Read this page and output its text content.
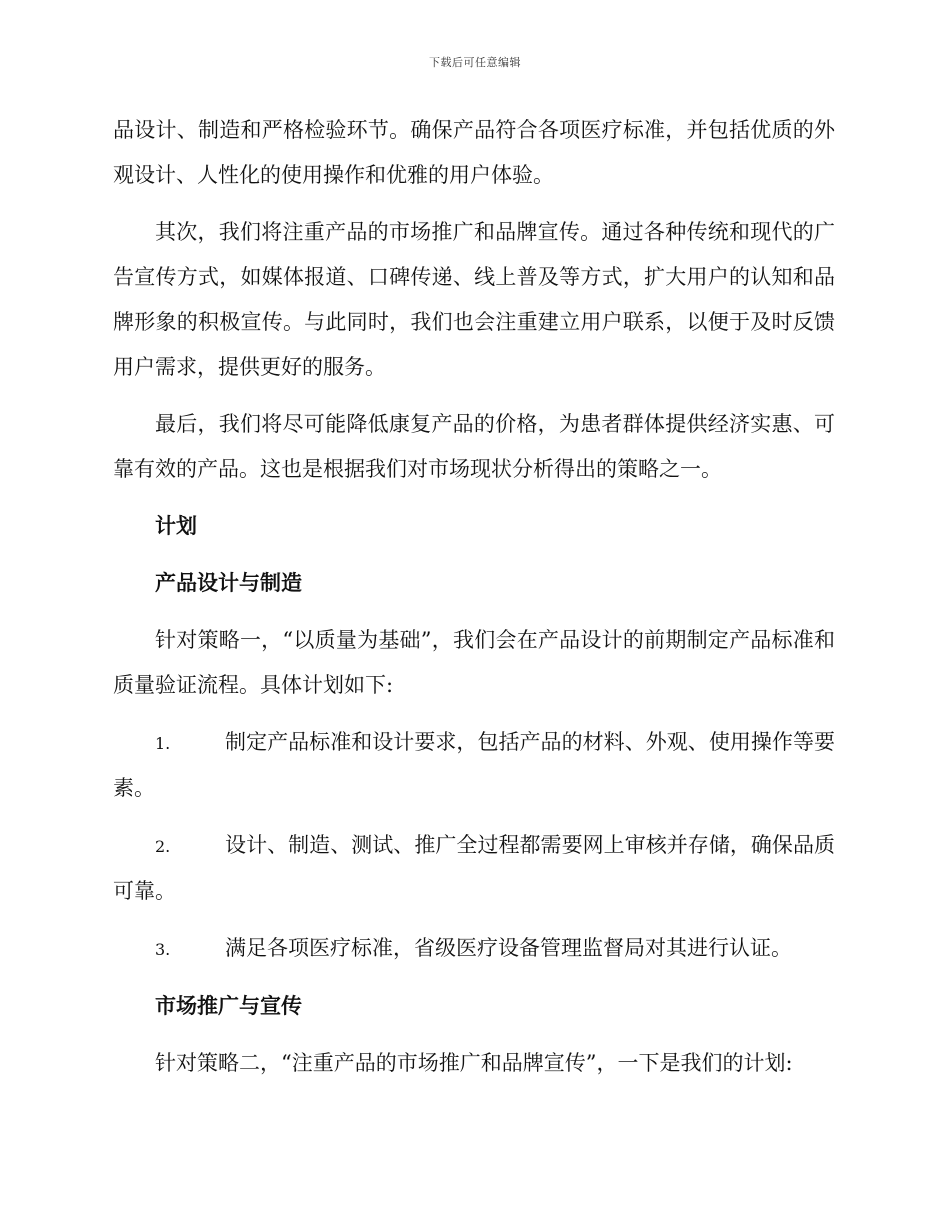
下载后可任意编辑

品设计、制造和严格检验环节。确保产品符合各项医疗标准，并包括优质的外观设计、人性化的使用操作和优雅的用户体验。

其次，我们将注重产品的市场推广和品牌宣传。通过各种传统和现代的广告宣传方式，如媒体报道、口碑传递、线上普及等方式，扩大用户的认知和品牌形象的积极宣传。与此同时，我们也会注重建立用户联系，以便于及时反馈用户需求，提供更好的服务。

最后，我们将尽可能降低康复产品的价格，为患者群体提供经济实惠、可靠有效的产品。这也是根据我们对市场现状分析得出的策略之一。

计划
产品设计与制造

针对策略一，“以质量为基础”，我们会在产品设计的前期制定产品标准和质量验证流程。具体计划如下:

1.	制定产品标准和设计要求，包括产品的材料、外观、使用操作等要素。

2.	设计、制造、测试、推广全过程都需要网上审核并存储，确保品质可靠。

3.	满足各项医疗标准，省级医疗设备管理监督局对其进行认证。

市场推广与宣传

针对策略二，“注重产品的市场推广和品牌宣传”，一下是我们的计划:
